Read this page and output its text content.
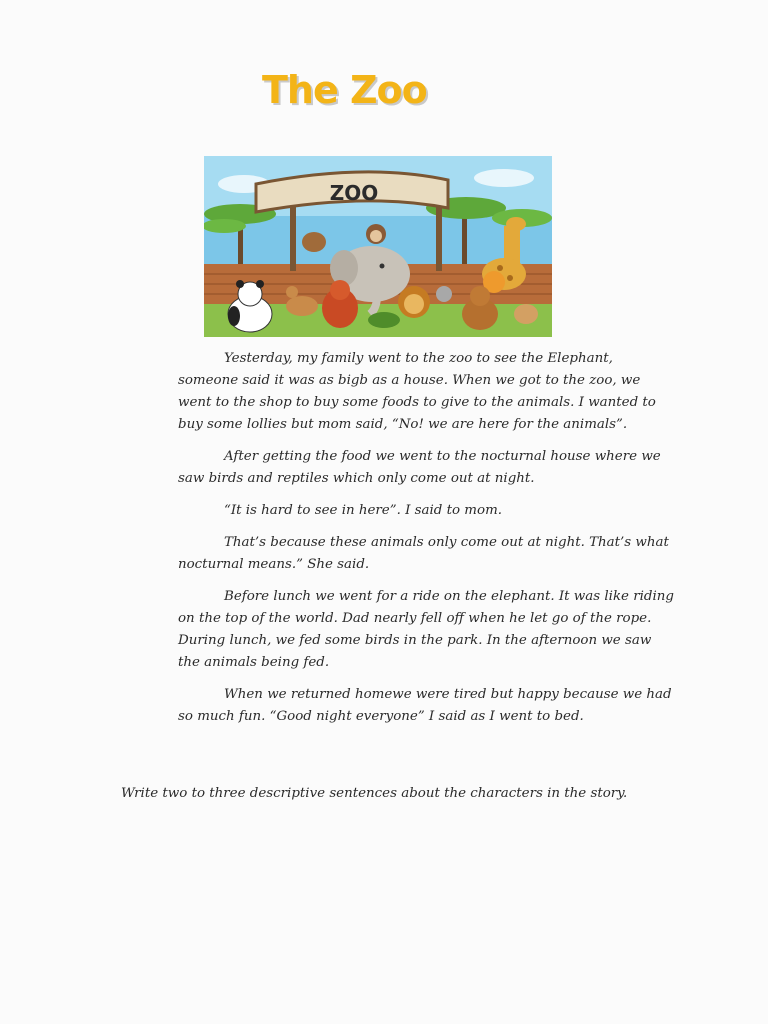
The Zoo
ZOO

Yesterday, my family went to the zoo to see the Elephant, someone said it was as bigb as a house. When we got to the zoo, we went to the shop to buy some foods to give to the animals. I wanted to buy some lollies but mom said, “No! we are here for the animals”.

After getting the food we went to the nocturnal house where we saw birds and reptiles which only come out at night.

“It is hard to see in here”. I said to mom.

That’s because these animals only come out at night. That’s what nocturnal means.” She said.

Before lunch we went for a ride on the elephant. It was like riding on the top of the world. Dad nearly fell off when he let go of the rope. During lunch, we fed some birds in the park. In the afternoon we saw the animals being fed.

When we returned homewe were tired but happy because we had so much fun. “Good night everyone” I said as I went to bed.

Write two to three descriptive sentences about the characters in the story.
